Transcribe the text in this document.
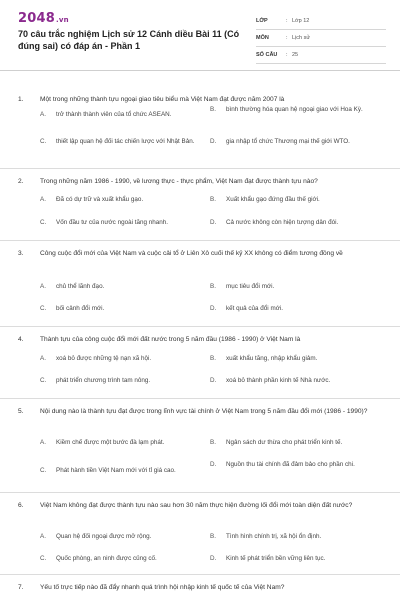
2048.vn
70 câu trắc nghiệm Lịch sử 12 Cánh diều Bài 11 (Có đúng sai) có đáp án - Phần 1
LỚP	: Lớp 12
MÔN	: Lịch sử
SỐ CÂU	: 25
1.	Một trong những thành tựu ngoại giao tiêu biểu mà Việt Nam đạt được năm 2007 là
A.	trở thành thành viên của tổ chức ASEAN.
B.	bình thường hóa quan hệ ngoại giao với Hoa Kỳ.
C.	thiết lập quan hệ đối tác chiến lược với Nhật Bản. D.	gia nhập tổ chức Thương mại thế giới WTO.
2.	Trong những năm 1986 - 1990, về lương thực - thực phẩm, Việt Nam đạt được thành tựu nào?
A.	Đã có dự trữ và xuất khẩu gạo.	B.	Xuất khẩu gạo đứng đầu thế giới.
C.	Vốn đầu tư của nước ngoài tăng nhanh.	D.	Cả nước không còn hiện tượng dân đói.
3.	Công cuộc đổi mới của Việt Nam và cuộc cải tổ ở Liên Xô cuối thế kỷ XX không có điểm tương đồng về
A.	chủ thể lãnh đạo.	B.	mục tiêu đổi mới.
C.	bối cảnh đổi mới.	D.	kết quả của đổi mới.
4.	Thành tựu của công cuộc đổi mới đất nước trong 5 năm đầu (1986 - 1990) ở Việt Nam là
A.	xoá bỏ được những tệ nạn xã hội.	B.	xuất khẩu tăng, nhập khẩu giảm.
C.	phát triển chương trình tam nông.	D.	xoá bỏ thành phần kinh tế Nhà nước.
5.	Nội dung nào là thành tựu đạt được trong lĩnh vực tài chính ở Việt Nam trong 5 năm đầu đổi mới (1986 - 1990)?
A.	Kiềm chế được một bước đà lạm phát.	B.	Ngân sách dư thừa cho phát triển kinh tế.
C.	Phát hành tiền Việt Nam mới với tỉ giá cao.
D.	Nguồn thu tài chính đã đảm bảo cho phần chi.
6.	Việt Nam không đạt được thành tựu nào sau hơn 30 năm thực hiện đường lối đổi mới toàn diện đất nước?
A.	Quan hệ đối ngoại được mở rộng.	B.	Tình hình chính trị, xã hội ổn định.
C.	Quốc phòng, an ninh được củng cố.	D.	Kinh tế phát triển bền vững liên tục.
7.	Yếu tố trực tiếp nào đã đẩy nhanh quá trình hội nhập kinh tế quốc tế của Việt Nam?
